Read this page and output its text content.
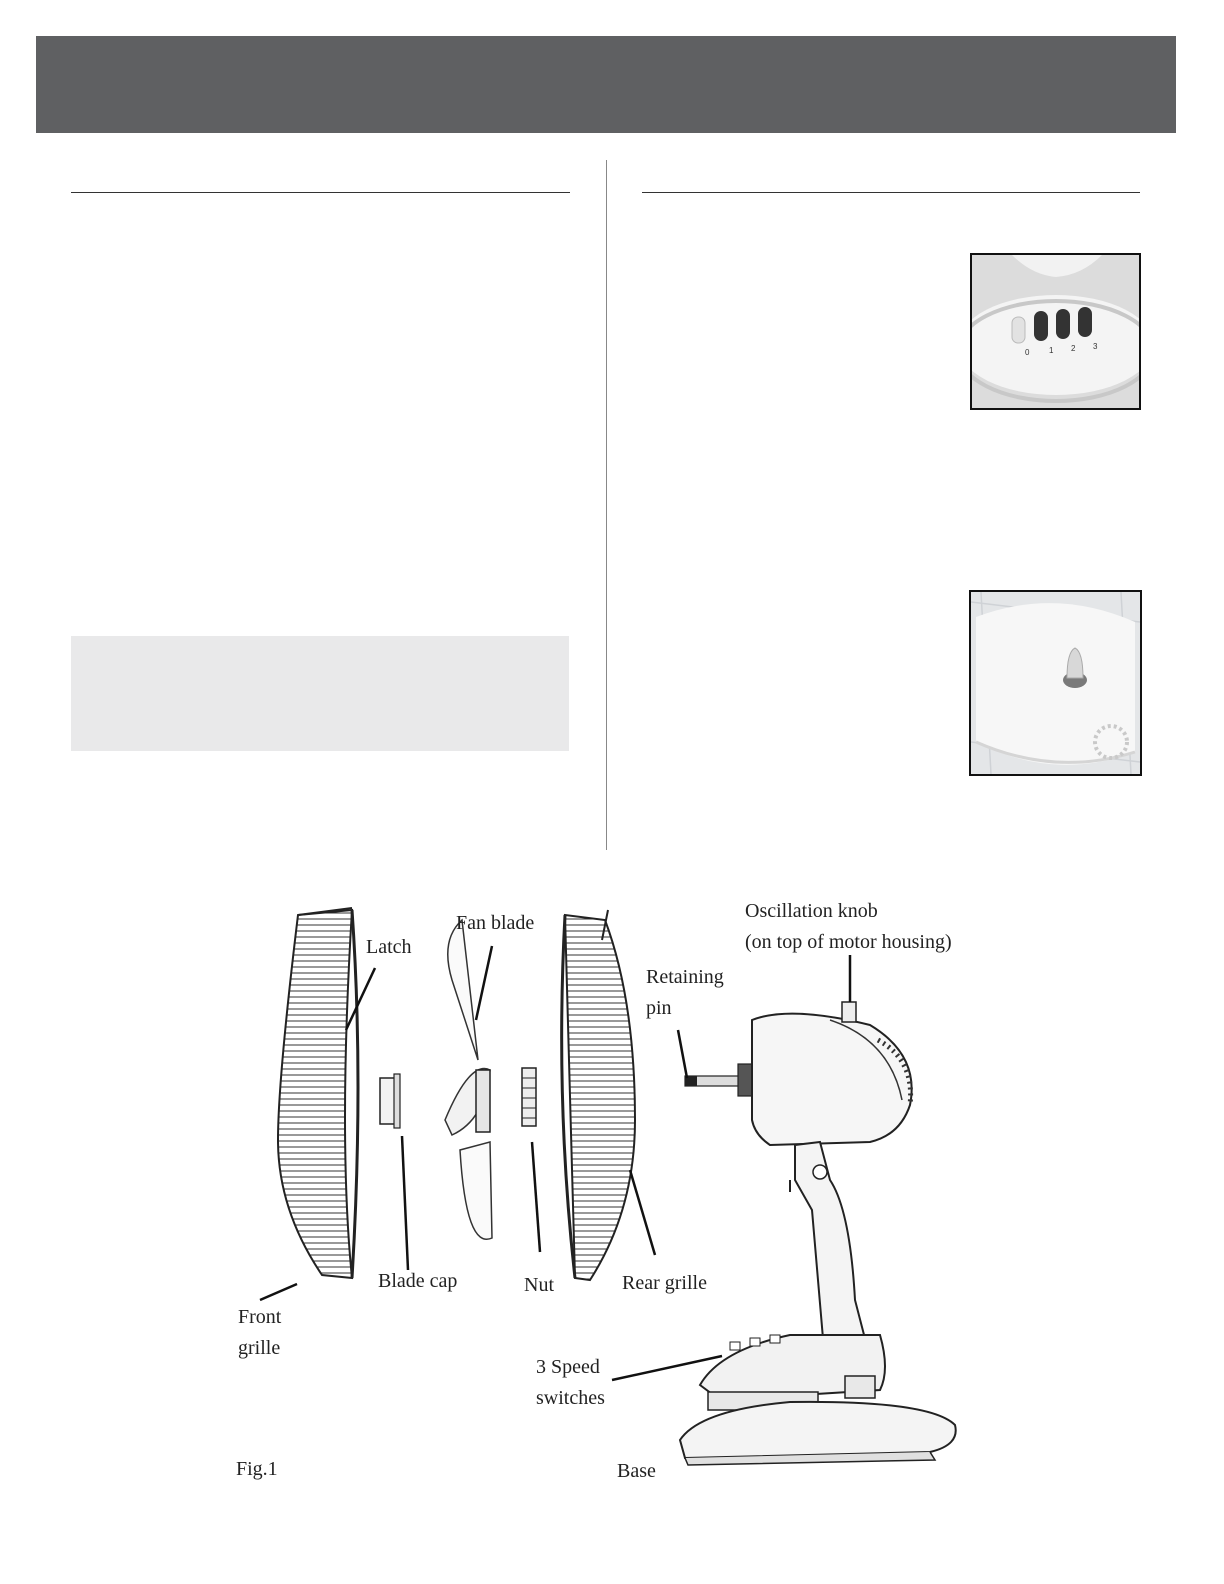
0 1 2 3
Latch
Fan blade
Oscillation knob
(on top of motor housing)
Retaining
pin
Blade cap	Nut	Rear grille
Front
grille
3 Speed
switches
Base
Fig.1
